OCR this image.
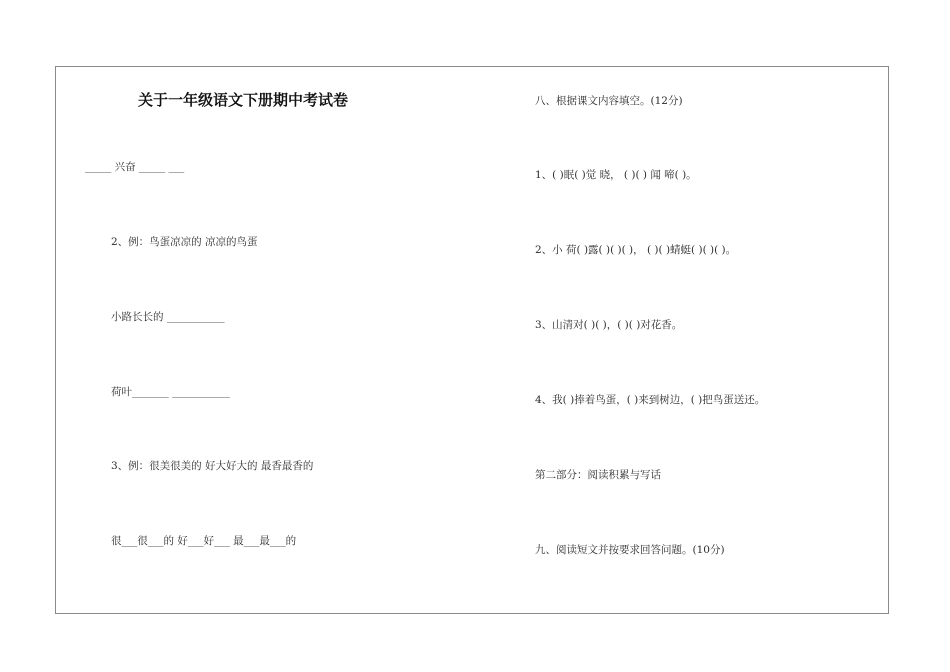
关于一年级语文下册期中考试卷
_____ 兴奋 _____ ___
2、例：鸟蛋凉凉的 凉凉的鸟蛋
小路长长的 ___________
荷叶_______ ___________
3、例：很美很美的 好大好大的 最香最香的
很___很___的 好___好___ 最___最___的
八、根据课文内容填空。(12分)
1、( )眠( )觉 晓， ( )( ) 闻 啼( )。
2、小 荷( )露( )( )( )， ( )( )蜻蜓( )( )( )。
3、山清对( )( )，( )( )对花香。
4、我( )捧着鸟蛋，( )来到树边，( )把鸟蛋送还。
第二部分：阅读积累与写话
九、阅读短文并按要求回答问题。(10分)
